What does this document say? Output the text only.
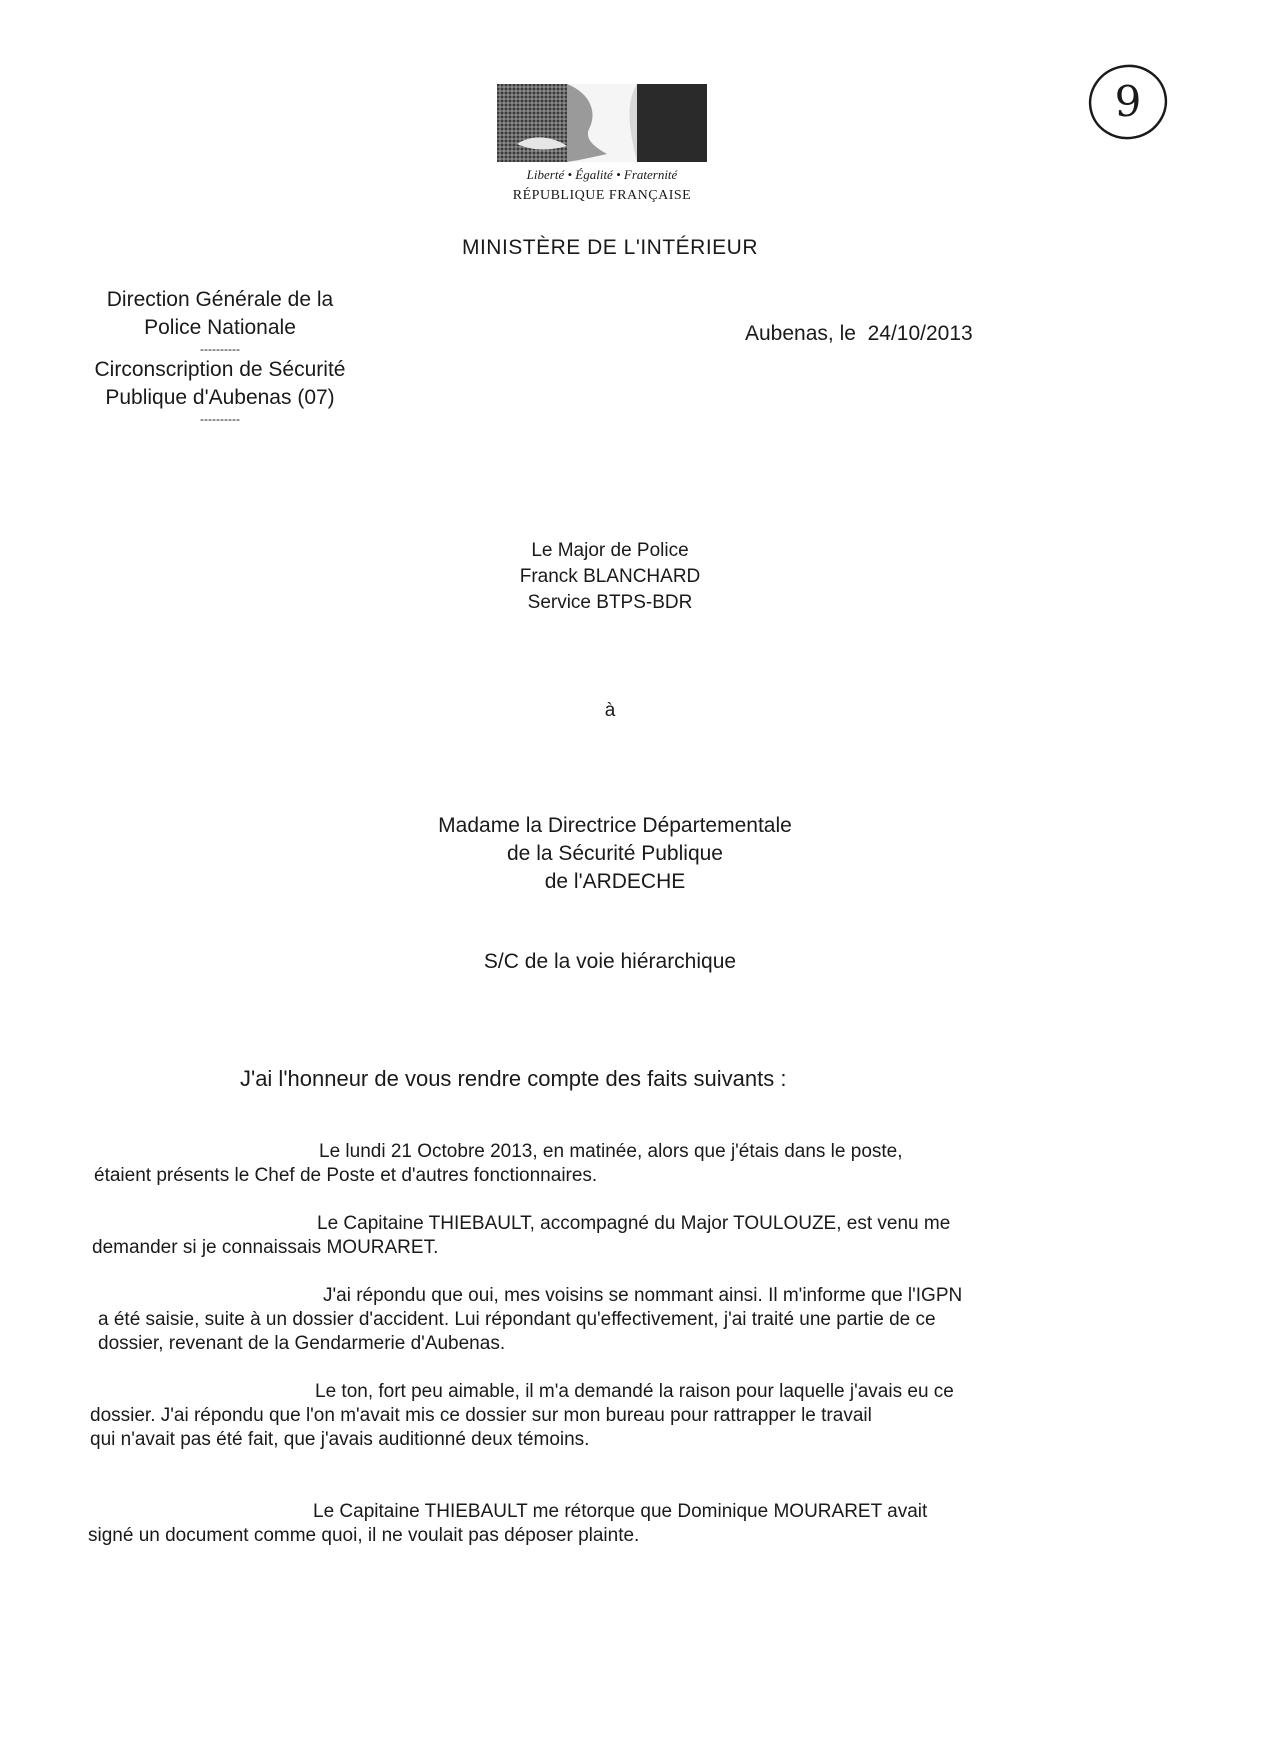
Liberté • Égalité • Fraternité
RÉPUBLIQUE FRANÇAISE
9
MINISTÈRE DE L'INTÉRIEUR
Direction Générale de la
Police Nationale
----------
Circonscription de Sécurité
Publique d'Aubenas (07)
----------
Aubenas, le  24/10/2013
Le Major de Police
Franck BLANCHARD
Service BTPS-BDR
à
Madame la Directrice Départementale
de la Sécurité Publique
de l'ARDECHE
S/C de la voie hiérarchique
J'ai l'honneur de vous rendre compte des faits suivants :
Le lundi 21 Octobre 2013, en matinée, alors que j'étais dans le poste,
étaient présents le Chef de Poste et d'autres fonctionnaires.
Le Capitaine THIEBAULT, accompagné du Major TOULOUZE, est venu me
demander si je connaissais MOURARET.
J'ai répondu que oui, mes voisins se nommant ainsi. Il m'informe que l'IGPN
a été saisie, suite à un dossier d'accident. Lui répondant qu'effectivement, j'ai traité une partie de ce
dossier, revenant de la Gendarmerie d'Aubenas.
Le ton, fort peu aimable, il m'a demandé la raison pour laquelle j'avais eu ce
dossier. J'ai répondu que l'on m'avait mis ce dossier sur mon bureau pour rattrapper le travail
qui n'avait pas été fait, que j'avais auditionné deux témoins.
Le Capitaine THIEBAULT me rétorque que Dominique MOURARET avait
signé un document comme quoi, il ne voulait pas déposer plainte.
